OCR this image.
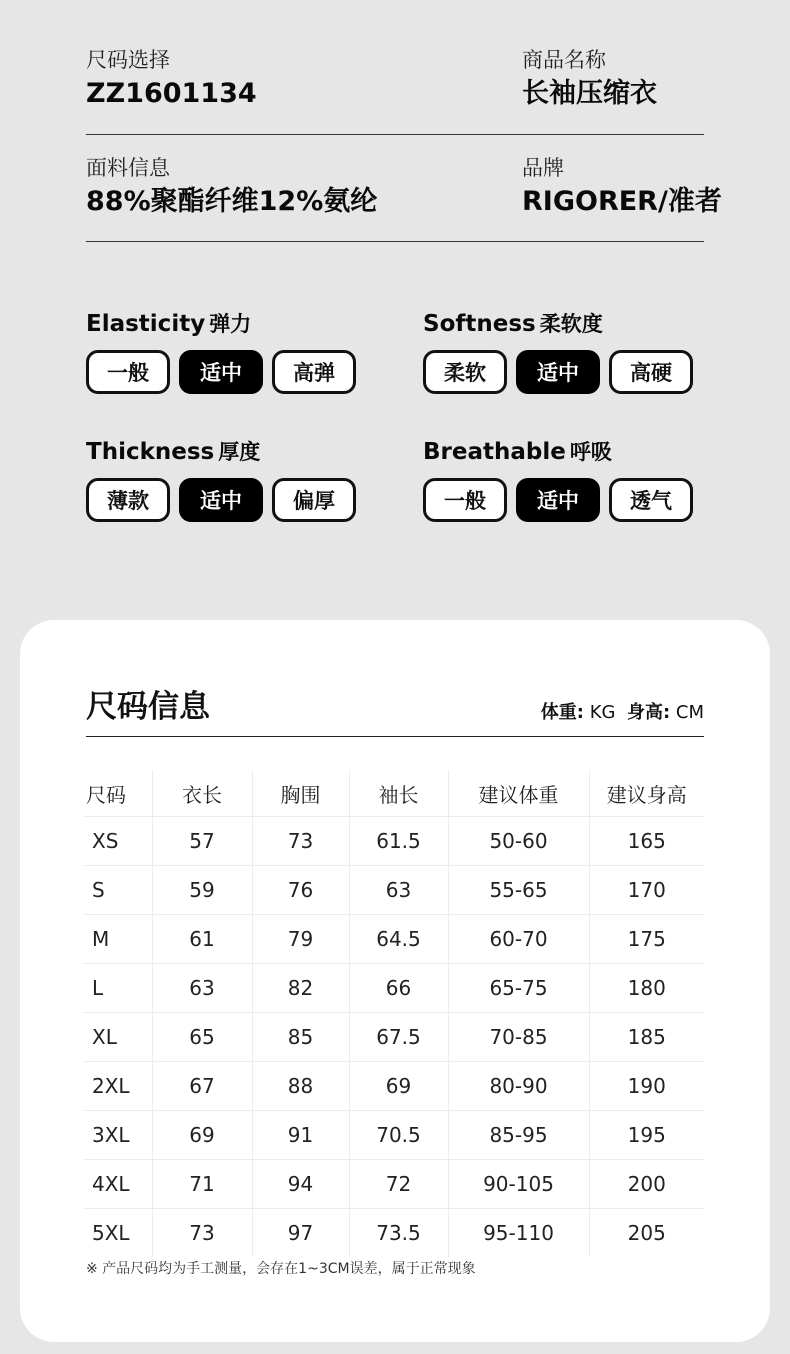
尺码选择
ZZ1601134
商品名称
长袖压缩衣
面料信息
88%聚酯纤维12%氨纶
品牌
RIGORER/准者
Elasticity 弹力
一般	适中	高弹
Softness 柔软度
柔软	适中	高硬
Thickness 厚度
薄款	适中	偏厚
Breathable 呼吸
一般	适中	透气
尺码信息	体重: KG 身高: CM
尺码	衣长	胸围	袖长	建议体重	建议身高
XS	57	73	61.5	50-60	165
S	59	76	63	55-65	170
M	61	79	64.5	60-70	175
L	63	82	66	65-75	180
XL	65	85	67.5	70-85	185
2XL	67	88	69	80-90	190
3XL	69	91	70.5	85-95	195
4XL	71	94	72	90-105	200
5XL	73	97	73.5	95-110	205
※ 产品尺码均为手工测量，会存在1~3CM误差，属于正常现象
